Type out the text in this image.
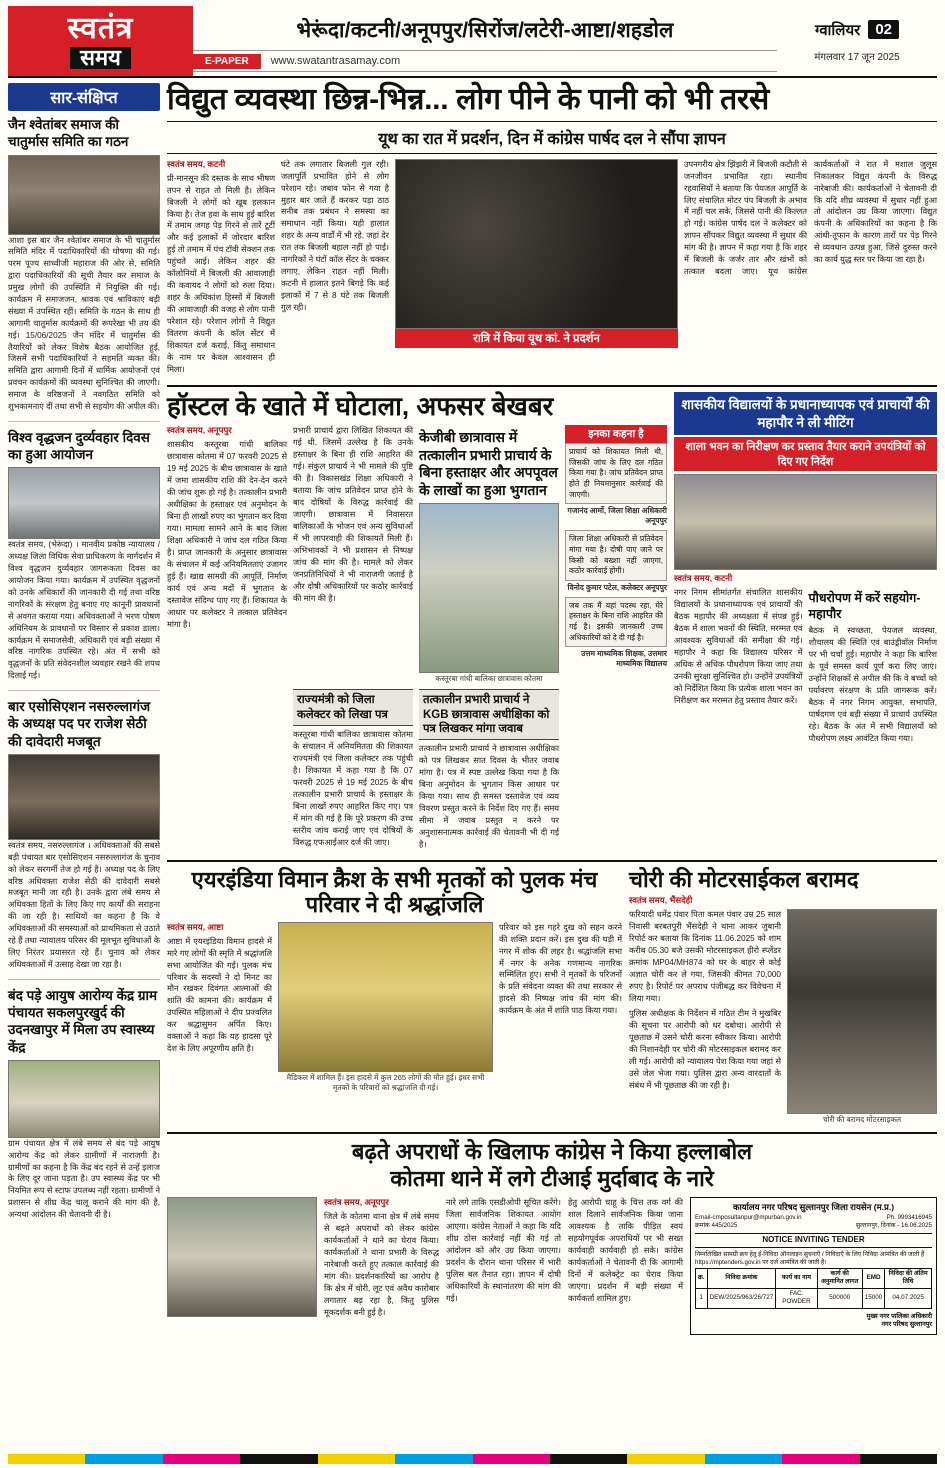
स्वतंत्र
समय
भेरूंदा/कटनी/अनूपपुर/सिरोंज/लटेरी-आष्टा/शहडोल
E-PAPER	www.swatantrasamay.com
ग्वालियर	02
मंगलवार 17 जून 2025
सार-संक्षिप्त
जैन श्वेतांबर समाज की चातुर्मास समिति का गठन

आशा इस बार जैन श्वेतांबर समाज के भी चातुर्मास समिति मंदिर में पदाधिकारियों की घोषणा की गई। परम पूज्य साध्वीजी महाराज की ओर से, समिति द्वारा पदाधिकारियों की सूची तैयार कर समाज के प्रमुख लोगों की उपस्थिति में नियुक्ति की गई। कार्यक्रम में समाजजन, श्रावक एवं श्राविकाएं बड़ी संख्या में उपस्थित रहीं। समिति के गठन के साथ ही आगामी चातुर्मास कार्यक्रमों की रूपरेखा भी तय की गई। 15/06/2025 जैन मंदिर में चातुर्मास की तैयारियों को लेकर विशेष बैठक आयोजित हुई, जिसमें सभी पदाधिकारियों ने सहमति व्यक्त की। समिति द्वारा आगामी दिनों में धार्मिक आयोजनों एवं प्रवचन कार्यक्रमों की व्यवस्था सुनिश्चित की जाएगी। समाज के वरिष्ठजनों ने नवगठित समिति को शुभकामनाएं दीं तथा सभी से सहयोग की अपील की।

विश्व वृद्धजन दुर्व्यवहार दिवस का हुआ आयोजन

स्वतंत्र समय, (भेरूंदा) । मानवीय प्रकोष्ठ न्यायालय / अध्यक्ष जिला विधिक सेवा प्राधिकरण के मार्गदर्शन में विश्व वृद्धजन दुर्व्यवहार जागरूकता दिवस का आयोजन किया गया। कार्यक्रम में उपस्थित वृद्धजनों को उनके अधिकारों की जानकारी दी गई तथा वरिष्ठ नागरिकों के संरक्षण हेतु बनाए गए कानूनी प्रावधानों से अवगत कराया गया। अधिवक्ताओं ने भरण पोषण अधिनियम के प्रावधानों पर विस्तार से प्रकाश डाला। कार्यक्रम में समाजसेवी, अधिकारी एवं बड़ी संख्या में वरिष्ठ नागरिक उपस्थित रहे। अंत में सभी को वृद्धजनों के प्रति संवेदनशील व्यवहार रखने की शपथ दिलाई गई।

बार एसोसिएशन नसरुल्लागंज के अध्यक्ष पद पर राजेश सेठी की दावेदारी मजबूत

स्वतंत्र समय, नसरुल्लागंज । अधिवक्ताओं की सबसे बड़ी पंचायत बार एसोसिएशन नसरुल्लागंज के चुनाव को लेकर सरगर्मी तेज हो गई है। अध्यक्ष पद के लिए वरिष्ठ अधिवक्ता राजेश सेठी की दावेदारी सबसे मजबूत मानी जा रही है। उनके द्वारा लंबे समय से अधिवक्ता हितों के लिए किए गए कार्यों की सराहना की जा रही है। साथियों का कहना है कि वे अधिवक्ताओं की समस्याओं को प्राथमिकता से उठाते रहे हैं तथा न्यायालय परिसर की मूलभूत सुविधाओं के लिए निरंतर प्रयासरत रहे हैं। चुनाव को लेकर अधिवक्ताओं में उत्साह देखा जा रहा है।

बंद पड़े आयुष आरोग्य केंद्र ग्राम पंचायत सकलपुरखुर्द की उदनखापुर में मिला उप स्वास्थ्य केंद्र

ग्राम पंचायत क्षेत्र में लंबे समय से बंद पड़े आयुष आरोग्य केंद्र को लेकर ग्रामीणों में नाराजगी है। ग्रामीणों का कहना है कि केंद्र बंद रहने से उन्हें इलाज के लिए दूर जाना पड़ता है। उप स्वास्थ्य केंद्र पर भी नियमित रूप से स्टाफ उपलब्ध नहीं रहता। ग्रामीणों ने प्रशासन से शीघ्र केंद्र चालू कराने की मांग की है, अन्यथा आंदोलन की चेतावनी दी है।

विद्युत व्यवस्था छिन्न-भिन्न... लोग पीने के पानी को भी तरसे
यूथ का रात में प्रदर्शन, दिन में कांग्रेस पार्षद दल ने सौंपा ज्ञापन
स्वतंत्र समय, कटनी

प्री-मानसून की दस्तक के साथ भीषण तपन से राहत तो मिली है। लेकिन बिजली ने लोगों को खूब हलकान किया है। तेज हवा के साथ हुई बारिश में तमाम जगह पेड़ गिरने से तारें टूटीं और कई इलाकों में जोरदार बारिश हुई तो तमाम में पंच टॉवी सेक्शन तक पहुंचते आई। लेकिन शहर की कॉलोनियों में बिजली की आवाजाही की कवायद ने लोगों को रुला दिया। शहर के अधिकांश हिस्सों में बिजली की आवाजाही की वजह से लोग पानी परेशान रहे। परेशान लोगों ने विद्युत वितरण कंपनी के कॉल सेंटर में शिकायत दर्ज कराई, किंतु समाधान के नाम पर केवल आश्वासन ही मिला।

घंटे तक लगातार बिजली गुल रही। जलापूर्ति प्रभावित होने से लोग परेशान रहे। जबाव फोन से गया है मुहार बार जाते हैं करकर पड़ा ठाठ सनीब तक प्रबंधन ने समस्या का समाधान नहीं किया। यही हालात शहर के अन्य वार्डों में भी रहे, जहां देर रात तक बिजली बहाल नहीं हो पाई। नागरिकों ने घंटों कॉल सेंटर के चक्कर लगाए, लेकिन राहत नहीं मिली। कटनी में हालात इतने बिगड़े कि कई इलाकों में 7 से 8 घंटे तक बिजली गुल रही।

रात्रि में किया यूथ कां. ने प्रदर्शन

उपनगरीय क्षेत्र झिंझरी में बिजली कटौती से जनजीवन प्रभावित रहा। स्थानीय रहवासियों ने बताया कि पेयजल आपूर्ति के लिए संचालित मोटर पंप बिजली के अभाव में नहीं चल सके, जिससे पानी की किल्लत हो गई। कांग्रेस पार्षद दल ने कलेक्टर को ज्ञापन सौंपकर विद्युत व्यवस्था में सुधार की मांग की है। ज्ञापन में कहा गया है कि शहर में बिजली के जर्जर तार और खंभों को तत्काल बदला जाए। यूथ कांग्रेस कार्यकर्ताओं ने रात में मशाल जुलूस निकालकर विद्युत कंपनी के विरुद्ध नारेबाजी की। कार्यकर्ताओं ने चेतावनी दी कि यदि शीघ्र व्यवस्था में सुधार नहीं हुआ तो आंदोलन उग्र किया जाएगा। विद्युत कंपनी के अधिकारियों का कहना है कि आंधी-तूफान के कारण तारों पर पेड़ गिरने से व्यवधान उत्पन्न हुआ, जिसे दुरुस्त करने का कार्य युद्ध स्तर पर किया जा रहा है।

हॉस्टल के खाते में घोटाला, अफसर बेखबर
स्वतंत्र समय, अनूपपुर

शासकीय कस्तूरबा गांधी बालिका छात्रावास कोतमा में 07 फरवरी 2025 से 19 मई 2025 के बीच छात्रावास के खाते में जमा शासकीय राशि की देन-देन करने की जांच शुरू हो गई है। तत्कालीन प्रभारी अधीक्षिका के हस्ताक्षर एवं अनुमोदन के बिना ही लाखों रुपए का भुगतान कर दिया गया। मामला सामने आने के बाद जिला शिक्षा अधिकारी ने जांच दल गठित किया है। प्राप्त जानकारी के अनुसार छात्रावास के संचालन में कई अनियमितताएं उजागर हुई हैं। खाद्य सामग्री की आपूर्ति, निर्माण कार्य एवं अन्य मदों में भुगतान के दस्तावेज संदिग्ध पाए गए हैं। शिकायत के आधार पर कलेक्टर ने तत्काल प्रतिवेदन मांगा है।

प्रभारी प्राचार्य द्वारा लिखित शिकायत की गई थी, जिसमें उल्लेख है कि उनके हस्ताक्षर के बिना ही राशि आहरित की गई। संकुल प्राचार्य ने भी मामले की पुष्टि की है। विकासखंड शिक्षा अधिकारी ने बताया कि जांच प्रतिवेदन प्राप्त होने के बाद दोषियों के विरुद्ध कार्रवाई की जाएगी। छात्रावास में निवासरत बालिकाओं के भोजन एवं अन्य सुविधाओं में भी लापरवाही की शिकायतें मिली हैं। अभिभावकों ने भी प्रशासन से निष्पक्ष जांच की मांग की है। मामले को लेकर जनप्रतिनिधियों ने भी नाराजगी जताई है और दोषी अधिकारियों पर कठोर कार्रवाई की मांग की है।

केजीबी छात्रावास में तत्कालीन प्रभारी प्राचार्य के बिना हस्ताक्षर और अपपूवल के लाखों का हुआ भुगतान
कस्तूरबा गांधी बालिका छात्रावास कोतमा
इनका कहना है
प्राचार्य को शिकायत मिली थी, जिसकी जांच के लिए दल गठित किया गया है। जांच प्रतिवेदन प्राप्त होते ही नियमानुसार कार्रवाई की जाएगी।
गजानंद आर्मो, जिला शिक्षा अधिकारी अनूपपुर
जिला शिक्षा अधिकारी से प्रतिवेदन मांगा गया है। दोषी पाए जाने पर किसी को बख्शा नहीं जाएगा, कठोर कार्रवाई होगी।
विनोद कुमार पटेल, कलेक्टर अनूपपुर
जब तक मैं यहां पदस्थ रहा, मेरे हस्ताक्षर के बिना राशि आहरित की गई है। इसकी जानकारी उच्च अधिकारियों को दे दी गई है।
उत्तम माध्यमिक शिक्षक, उत्तमार माध्यमिक विद्यालय
राज्यमंत्री को जिला कलेक्टर को लिखा पत्र

कस्तूरबा गांधी बालिका छात्रावास कोतमा के संचालन में अनियमितता की शिकायत राज्यमंत्री एवं जिला कलेक्टर तक पहुंची है। शिकायत में कहा गया है कि 07 फरवरी 2025 से 19 मई 2025 के बीच तत्कालीन प्रभारी प्राचार्य के हस्ताक्षर के बिना लाखों रुपए आहरित किए गए। पत्र में मांग की गई है कि पूरे प्रकरण की उच्च स्तरीय जांच कराई जाए एवं दोषियों के विरुद्ध एफआईआर दर्ज की जाए।

तत्कालीन प्रभारी प्राचार्य ने KGB छात्रावास अधीक्षिका को पत्र लिखकर मांगा जवाब

तत्कालीन प्रभारी प्राचार्य ने छात्रावास अधीक्षिका को पत्र लिखकर सात दिवस के भीतर जवाब मांगा है। पत्र में स्पष्ट उल्लेख किया गया है कि बिना अनुमोदन के भुगतान किस आधार पर किया गया। साथ ही समस्त दस्तावेज एवं व्यय विवरण प्रस्तुत करने के निर्देश दिए गए हैं। समय सीमा में जवाब प्रस्तुत न करने पर अनुशासनात्मक कार्रवाई की चेतावनी भी दी गई है।

शासकीय विद्यालयों के प्रधानाध्यापक एवं प्राचार्यों की महापौर ने ली मीटिंग
शाला भवन का निरीक्षण कर प्रस्ताव तैयार कराने उपयंत्रियों को दिए गए निर्देश
स्वतंत्र समय, कटनी

नगर निगम सीमांतर्गत संचालित शासकीय विद्यालयों के प्रधानाध्यापक एवं प्राचार्यों की बैठक महापौर की अध्यक्षता में संपन्न हुई। बैठक में शाला भवनों की स्थिति, मरम्मत एवं आवश्यक सुविधाओं की समीक्षा की गई। महापौर ने कहा कि विद्यालय परिसर में अधिक से अधिक पौधरोपण किया जाए तथा उनकी सुरक्षा सुनिश्चित हो। उन्होंने उपयंत्रियों को निर्देशित किया कि प्रत्येक शाला भवन का निरीक्षण कर मरम्मत हेतु प्रस्ताव तैयार करें।

पौधरोपण में करें सहयोग-महापौर

बैठक में स्वच्छता, पेयजल व्यवस्था, शौचालय की स्थिति एवं बाउंड्रीवॉल निर्माण पर भी चर्चा हुई। महापौर ने कहा कि बारिश के पूर्व समस्त कार्य पूर्ण करा लिए जाएं। उन्होंने शिक्षकों से अपील की कि वे बच्चों को पर्यावरण संरक्षण के प्रति जागरूक करें। बैठक में नगर निगम आयुक्त, सभापति, पार्षदगण एवं बड़ी संख्या में प्राचार्य उपस्थित रहे। बैठक के अंत में सभी विद्यालयों को पौधरोपण लक्ष्य आवंटित किया गया।

एयरइंडिया विमान क्रैश के सभी मृतकों को पुलक मंच परिवार ने दी श्रद्धांजलि
स्वतंत्र समय, आष्टा

आष्टा में एयरइंडिया विमान हादसे में मारे गए लोगों की स्मृति में श्रद्धांजलि सभा आयोजित की गई। पुलक मंच परिवार के सदस्यों ने दो मिनट का मौन रखकर दिवंगत आत्माओं की शांति की कामना की। कार्यक्रम में उपस्थित महिलाओं ने दीप प्रज्वलित कर श्रद्धासुमन अर्पित किए। वक्ताओं ने कहा कि यह हादसा पूरे देश के लिए अपूरणीय क्षति है।

मैडिकल में शामिल हैं। इस हादसे में कुल 265 लोगों की मौत हुई। इधर सभी मृतकों के परिवारों को श्रद्धांजलि दी गई।

परिवार को इस गहरे दुख को सहन करने की शक्ति प्रदान करें। इस दुख की घड़ी में नगर में शोक की लहर है। श्रद्धांजलि सभा में नगर के अनेक गणमान्य नागरिक सम्मिलित हुए। सभी ने मृतकों के परिजनों के प्रति संवेदना व्यक्त की तथा सरकार से हादसे की निष्पक्ष जांच की मांग की। कार्यक्रम के अंत में शांति पाठ किया गया।

चोरी की मोटरसाईकल बरामद
स्वतंत्र समय, भैंसदेही

फरियादी धमेंद्र पंवार पिता कमल पंवार उम्र 25 साल निवासी बरबतपुरी भैंसदेही ने थाना आकर जुबानी रिपोर्ट कर बताया कि दिनांक 11.06.2025 को शाम करीब 05.30 बजे उसकी मोटरसाइकल हीरो स्प्लेंडर क्रमांक MP04/MH874 को घर के बाहर से कोई अज्ञात चोरी कर ले गया, जिसकी कीमत 70,000 रुपए है। रिपोर्ट पर अपराध पंजीबद्ध कर विवेचना में लिया गया।

पुलिस अधीक्षक के निर्देशन में गठित टीम ने मुखबिर की सूचना पर आरोपी को धर दबोचा। आरोपी से पूछताछ में उसने चोरी करना स्वीकार किया। आरोपी की निशानदेही पर चोरी की मोटरसाइकल बरामद कर ली गई। आरोपी को न्यायालय पेश किया गया जहां से उसे जेल भेजा गया। पुलिस द्वारा अन्य वारदातों के संबंध में भी पूछताछ की जा रही है।

चोरी की बरामद मोटरसाइकल
बढ़ते अपराधों के खिलाफ कांग्रेस ने किया हल्लाबोल
कोतमा थाने में लगे टीआई मुर्दाबाद के नारे
स्वतंत्र समय, अनूपपुर

जिले के कोतमा थाना क्षेत्र में लंबे समय से बढ़ते अपराधों को लेकर कांग्रेस कार्यकर्ताओं ने थाने का घेराव किया। कार्यकर्ताओं ने थाना प्रभारी के विरुद्ध नारेबाजी करते हुए तत्काल कार्रवाई की मांग की। प्रदर्शनकारियों का आरोप है कि क्षेत्र में चोरी, लूट एवं अवैध कारोबार लगातार बढ़ रहा है, किंतु पुलिस मूकदर्शक बनी हुई है।

नारे लगे ताकि एसडीओपी सूचित करेंगे। जिला सार्वजनिक शिकायत आयोग आएगा। कांग्रेस नेताओं ने कहा कि यदि शीघ्र ठोस कार्रवाई नहीं की गई तो आंदोलन को और उग्र किया जाएगा। प्रदर्शन के दौरान थाना परिसर में भारी पुलिस बल तैनात रहा। ज्ञापन में दोषी अधिकारियों के स्थानांतरण की मांग की गई।

हेतु आरोपी चाहू के चित्त तक वर्ग की शाल दिलाने सार्वजनिक किया जाना आवश्यक है ताकि पीड़ित स्वयं सहयोगपूर्वक अपराधियों पर भी सख्त कार्यवाही कार्यवाही हो सके। कांग्रेस कार्यकर्ताओं ने चेतावनी दी कि आगामी दिनों में कलेक्ट्रेट का घेराव किया जाएगा। प्रदर्शन में बड़ी संख्या में कार्यकर्ता शामिल हुए।

कार्यालय नगर परिषद सुल्तानपुर जिला रायसेन (म.प्र.)
Email-cmposultanpur@mpurban.gov.in	Ph. 9993416945
क्रमांक 445/2025	सुल्तानपुर, दिनांक - 16.06.2025
NOTICE INVITING TENDER
निम्नलिखित सामग्री क्रय हेतु ई-निविदा ऑनलाइन सुचनाएँ / निविदाएँ के लिए निविदा आमंत्रित की जाती हैं https://mptenders.gov.in पर दर्ज आमंत्रित की जाती है।
क्र.	निविदा क्रमांक	कार्य का नाम	कार्य की अनुमानित लागत	EMD	निविदा की अंतिम तिथि
1	DEW/2025/963/26/727	FAC. POWDER	500000	15000	04.07.2025
मुख्य नगर पालिका अधिकारी
नगर परिषद सुल्तानपुर
